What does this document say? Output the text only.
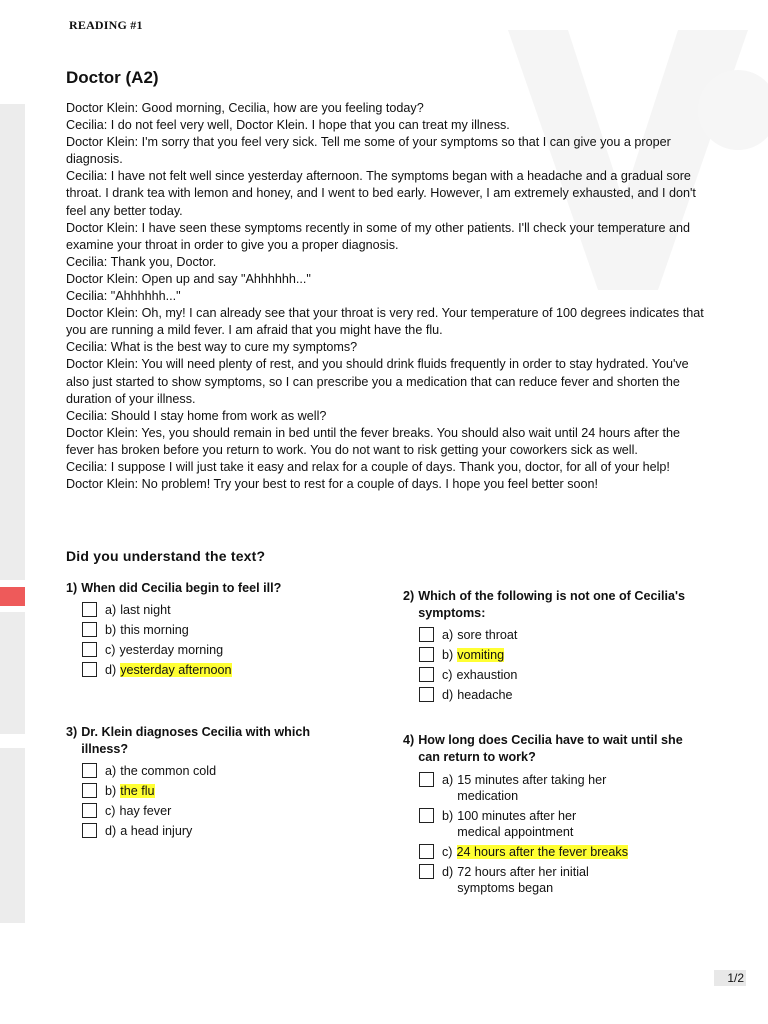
READING #1
Doctor (A2)

Doctor Klein: Good morning, Cecilia, how are you feeling today?

Cecilia: I do not feel very well, Doctor Klein. I hope that you can treat my illness.

Doctor Klein: I'm sorry that you feel very sick. Tell me some of your symptoms so that I can give you a proper diagnosis.

Cecilia: I have not felt well since yesterday afternoon. The symptoms began with a headache and a gradual sore throat. I drank tea with lemon and honey, and I went to bed early. However, I am extremely exhausted, and I don't feel any better today.

Doctor Klein: I have seen these symptoms recently in some of my other patients. I'll check your temperature and examine your throat in order to give you a proper diagnosis.

Cecilia: Thank you, Doctor.

Doctor Klein: Open up and say "Ahhhhhh..."

Cecilia: "Ahhhhhh..."

Doctor Klein: Oh, my! I can already see that your throat is very red. Your temperature of 100 degrees indicates that you are running a mild fever. I am afraid that you might have the flu.

Cecilia: What is the best way to cure my symptoms?

Doctor Klein: You will need plenty of rest, and you should drink fluids frequently in order to stay hydrated. You've also just started to show symptoms, so I can prescribe you a medication that can reduce fever and shorten the duration of your illness.

Cecilia: Should I stay home from work as well?

Doctor Klein: Yes, you should remain in bed until the fever breaks. You should also wait until 24 hours after the fever has broken before you return to work. You do not want to risk getting your coworkers sick as well.

Cecilia: I suppose I will just take it easy and relax for a couple of days. Thank you, doctor, for all of your help!

Doctor Klein: No problem! Try your best to rest for a couple of days. I hope you feel better soon!

Did you understand the text?
1) When did Cecilia begin to feel ill?
a) last night
b) this morning
c) yesterday morning
d) yesterday afternoon
2) Which of the following is not one of Cecilia's symptoms:
a) sore throat
b) vomiting
c) exhaustion
d) headache
3) Dr. Klein diagnoses Cecilia with which illness?
a) the common cold
b) the flu
c) hay fever
d) a head injury
4) How long does Cecilia have to wait until she can return to work?
a) 15 minutes after taking her medication
b) 100 minutes after her medical appointment
c) 24 hours after the fever breaks
d) 72 hours after her initial symptoms began
1/2
